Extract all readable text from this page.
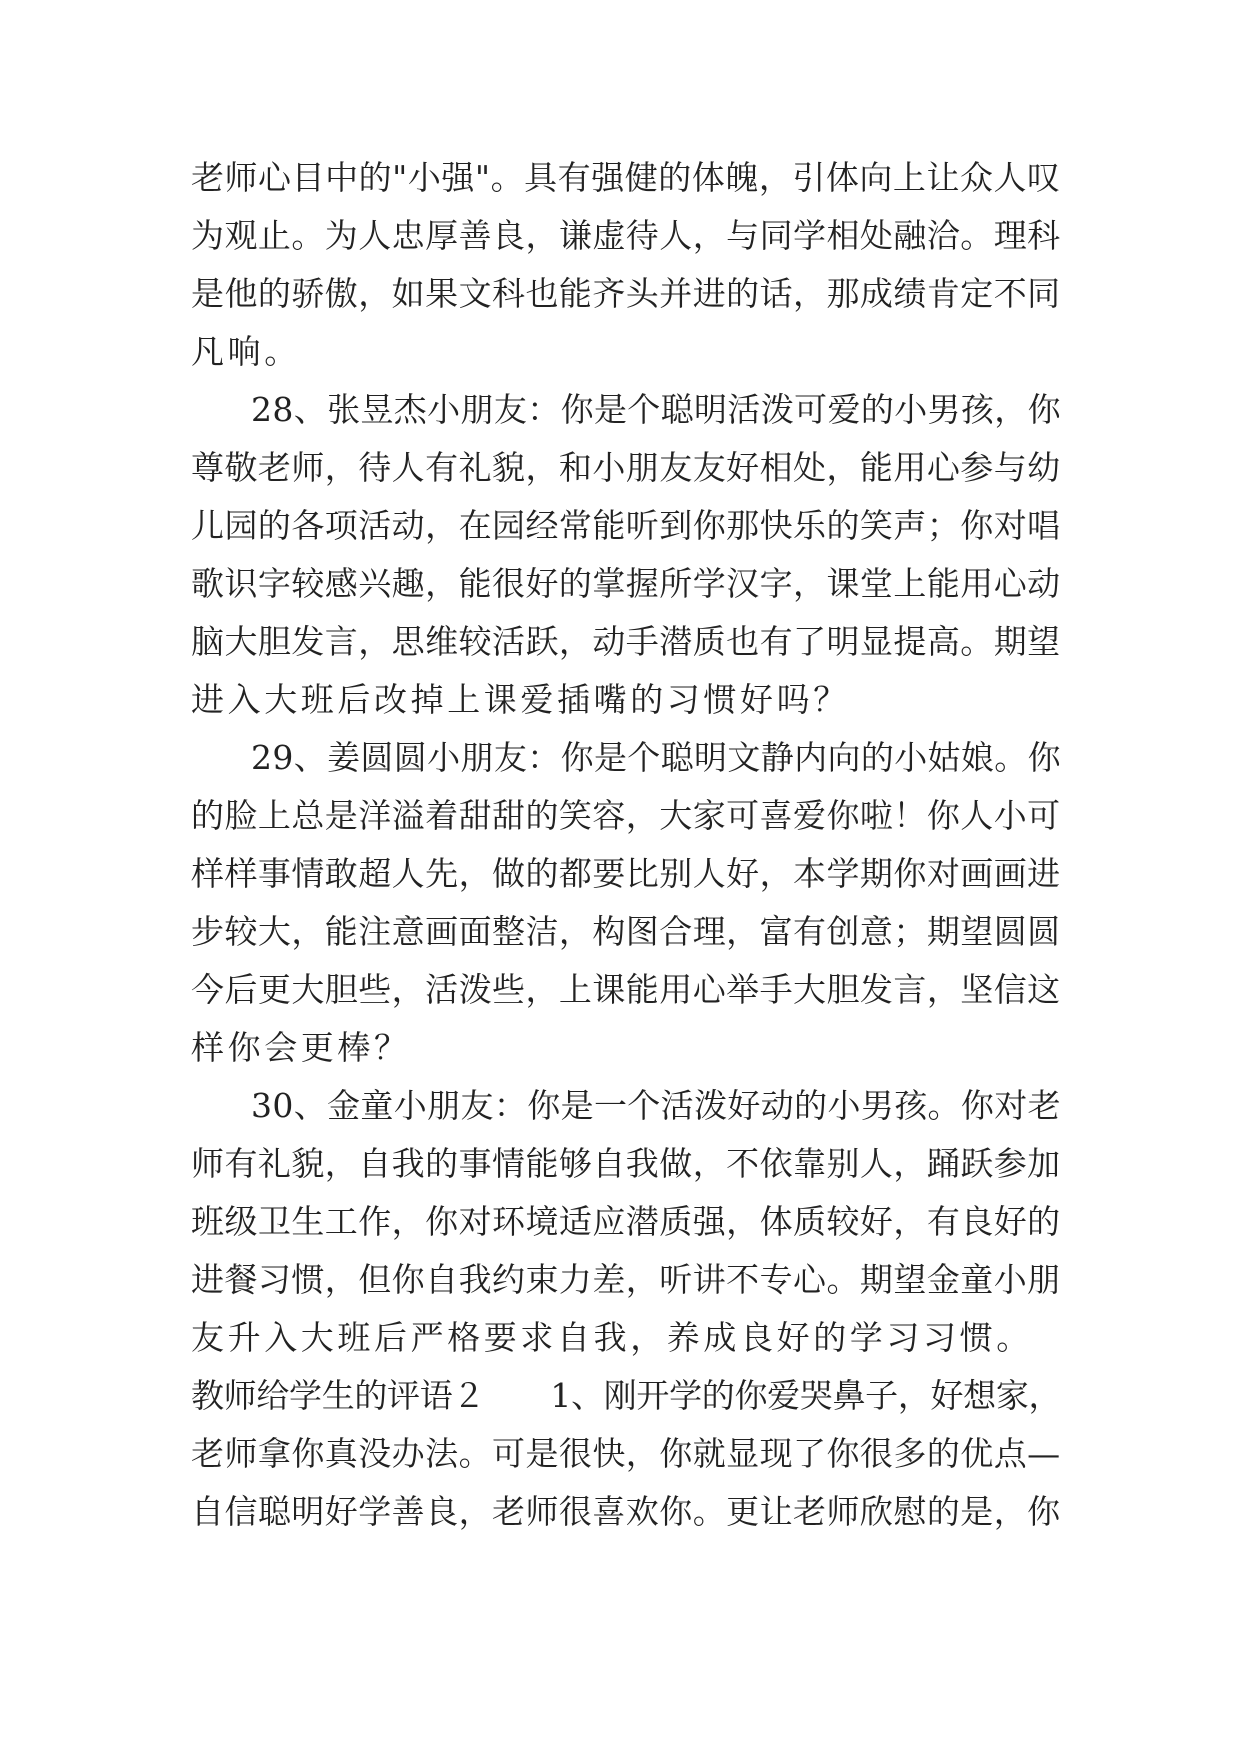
老师心目中的"小强"。具有强健的体魄，引体向上让众人叹
为观止。为人忠厚善良，谦虚待人，与同学相处融洽。理科
是他的骄傲，如果文科也能齐头并进的话，那成绩肯定不同
凡响。
28、张昱杰小朋友：你是个聪明活泼可爱的小男孩，你
尊敬老师，待人有礼貌，和小朋友友好相处，能用心参与幼
儿园的各项活动，在园经常能听到你那快乐的笑声；你对唱
歌识字较感兴趣，能很好的掌握所学汉字，课堂上能用心动
脑大胆发言，思维较活跃，动手潜质也有了明显提高。期望
进入大班后改掉上课爱插嘴的习惯好吗？
29、姜圆圆小朋友：你是个聪明文静内向的小姑娘。你
的脸上总是洋溢着甜甜的笑容，大家可喜爱你啦！你人小可
样样事情敢超人先，做的都要比别人好，本学期你对画画进
步较大，能注意画面整洁，构图合理，富有创意；期望圆圆
今后更大胆些，活泼些，上课能用心举手大胆发言，坚信这
样你会更棒？
30、金童小朋友：你是一个活泼好动的小男孩。你对老
师有礼貌，自我的事情能够自我做，不依靠别人，踊跃参加
班级卫生工作，你对环境适应潜质强，体质较好，有良好的
进餐习惯，但你自我约束力差，听讲不专心。期望金童小朋
友升入大班后严格要求自我，养成良好的学习习惯。
教师给学生的评语２　　1、刚开学的你爱哭鼻子，好想家，
老师拿你真没办法。可是很快，你就显现了你很多的优点—
自信聪明好学善良，老师很喜欢你。更让老师欣慰的是，你
